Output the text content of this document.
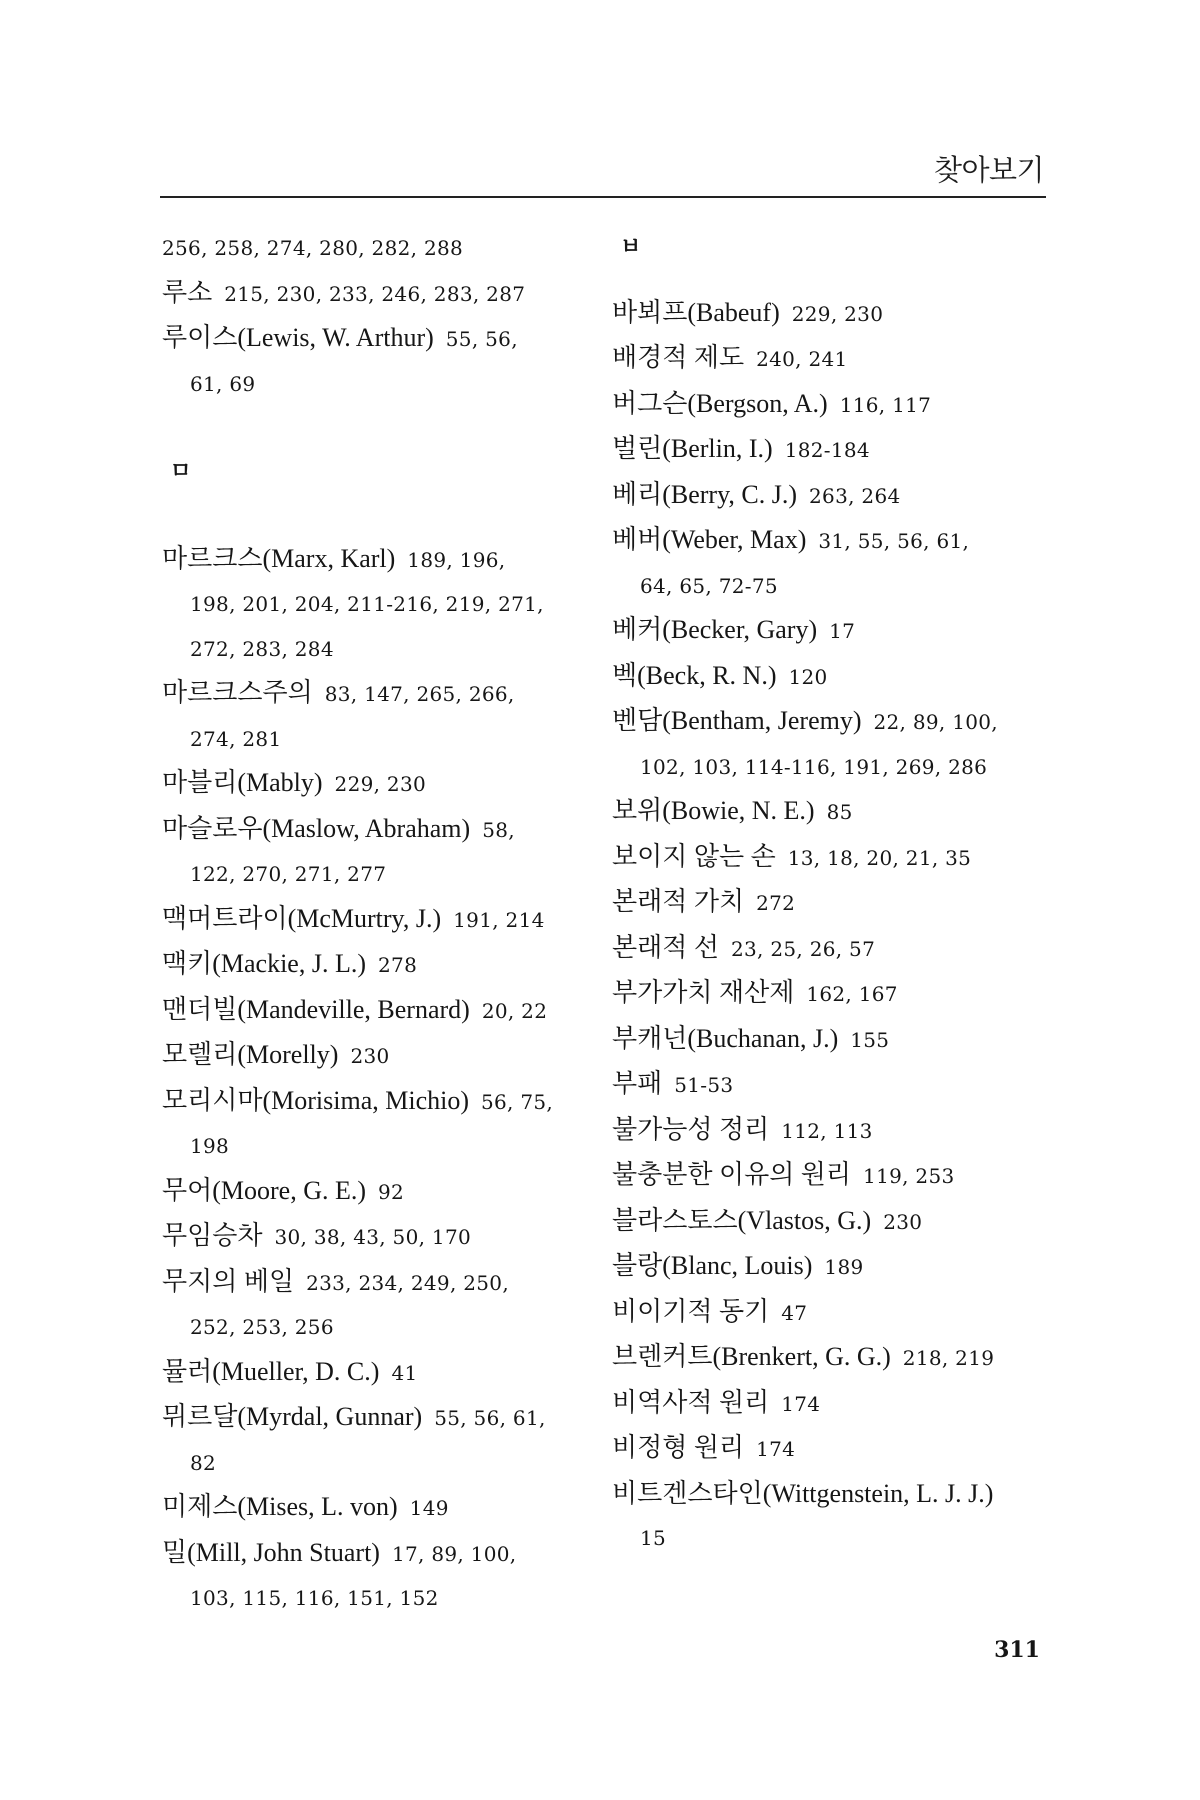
찾아보기
256, 258, 274, 280, 282, 288
루소 215, 230, 233, 246, 283, 287
루이스(Lewis, W. Arthur) 55, 56,
61, 69
ㅁ
마르크스(Marx, Karl) 189, 196,
198, 201, 204, 211-216, 219, 271,
272, 283, 284
마르크스주의 83, 147, 265, 266,
274, 281
마블리(Mably) 229, 230
마슬로우(Maslow, Abraham) 58,
122, 270, 271, 277
맥머트라이(McMurtry, J.) 191, 214
맥키(Mackie, J. L.) 278
맨더빌(Mandeville, Bernard) 20, 22
모렐리(Morelly) 230
모리시마(Morisima, Michio) 56, 75,
198
무어(Moore, G. E.) 92
무임승차 30, 38, 43, 50, 170
무지의 베일 233, 234, 249, 250,
252, 253, 256
뮬러(Mueller, D. C.) 41
뮈르달(Myrdal, Gunnar) 55, 56, 61,
82
미제스(Mises, L. von) 149
밀(Mill, John Stuart) 17, 89, 100,
103, 115, 116, 151, 152
ㅂ
바뵈프(Babeuf) 229, 230
배경적 제도 240, 241
버그슨(Bergson, A.) 116, 117
벌린(Berlin, I.) 182-184
베리(Berry, C. J.) 263, 264
베버(Weber, Max) 31, 55, 56, 61,
64, 65, 72-75
베커(Becker, Gary) 17
벡(Beck, R. N.) 120
벤담(Bentham, Jeremy) 22, 89, 100,
102, 103, 114-116, 191, 269, 286
보위(Bowie, N. E.) 85
보이지 않는 손 13, 18, 20, 21, 35
본래적 가치 272
본래적 선 23, 25, 26, 57
부가가치 재산제 162, 167
부캐넌(Buchanan, J.) 155
부패 51-53
불가능성 정리 112, 113
불충분한 이유의 원리 119, 253
블라스토스(Vlastos, G.) 230
블랑(Blanc, Louis) 189
비이기적 동기 47
브렌커트(Brenkert, G. G.) 218, 219
비역사적 원리 174
비정형 원리 174
비트겐스타인(Wittgenstein, L. J. J.)
15
311
